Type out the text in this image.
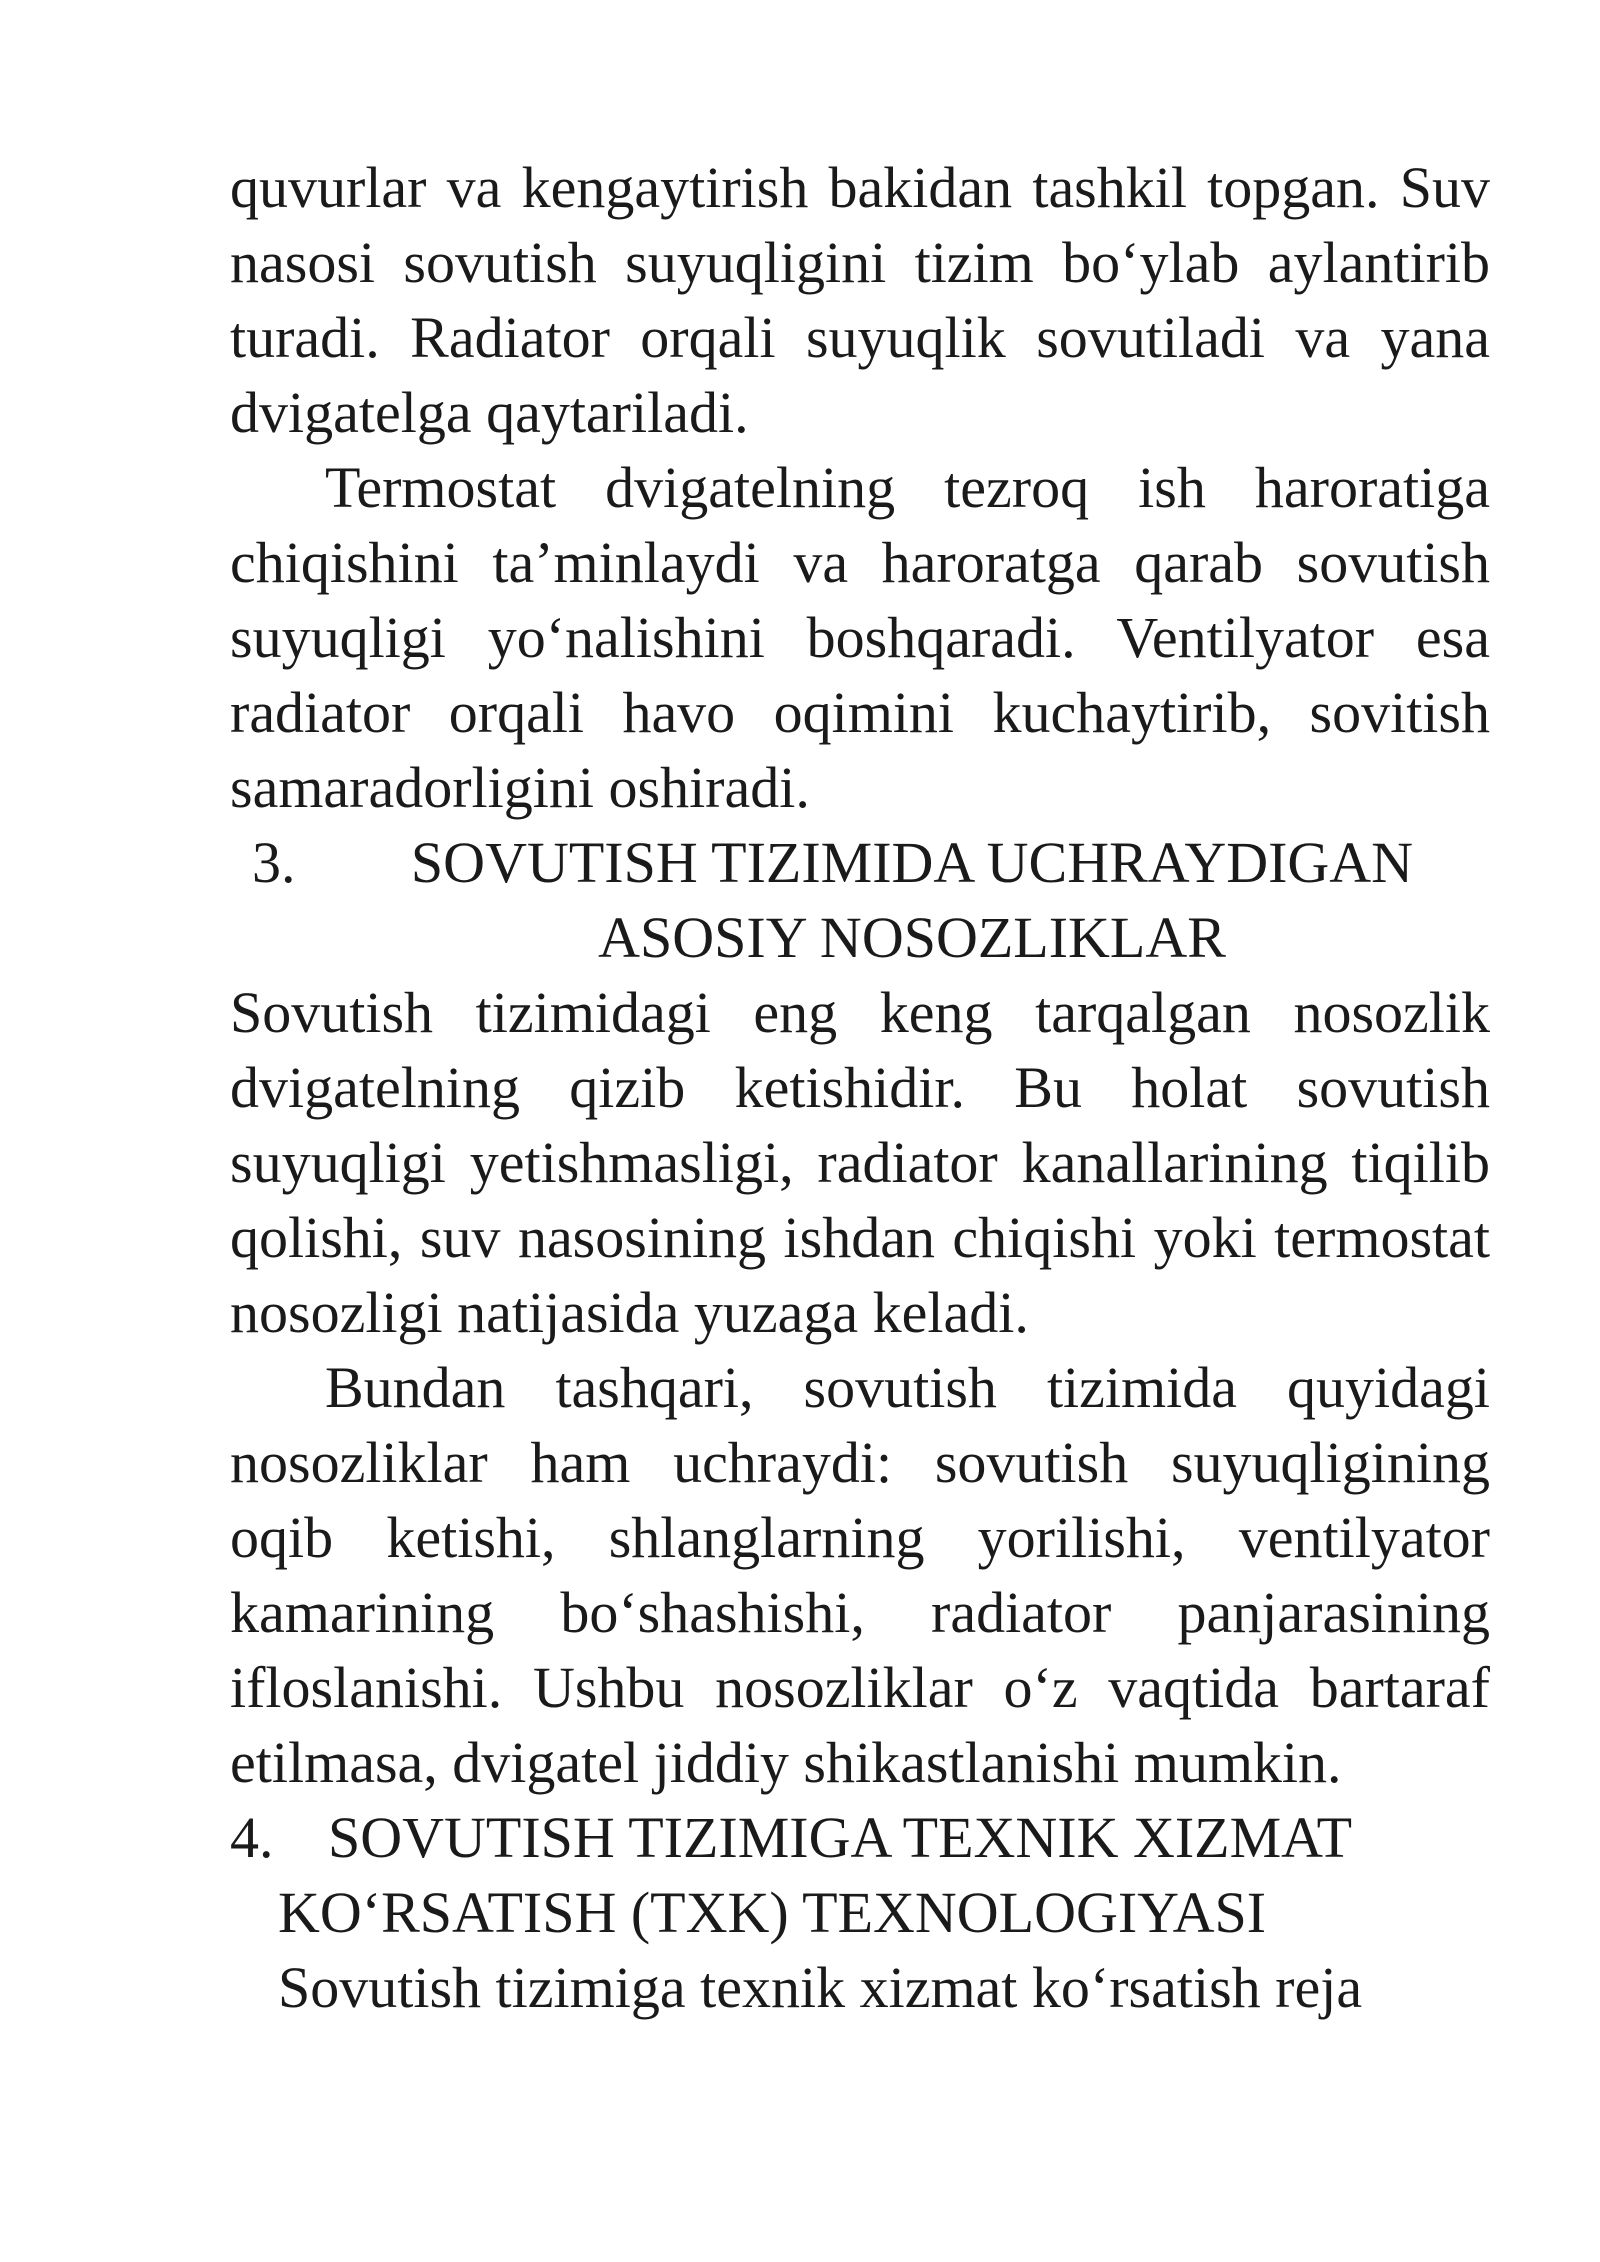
quvurlar va kengaytirish bakidan tashkil topgan. Suv nasosi sovutish suyuqligini tizim bo‘ylab aylantirib turadi. Radiator orqali suyuqlik sovutiladi va yana dvigatelga qaytariladi.

Termostat dvigatelning tezroq ish haroratiga chiqishini ta’minlaydi va haroratga qarab sovutish suyuqligi yo‘nalishini boshqaradi. Ventilyator esa radiator orqali havo oqimini kuchaytirib, sovitish samaradorligini oshiradi.

3.	SOVUTISH TIZIMIDA UCHRAYDIGAN ASOSIY NOSOZLIKLAR

Sovutish tizimidagi eng keng tarqalgan nosozlik dvigatelning qizib ketishidir. Bu holat sovutish suyuqligi yetishmasligi, radiator kanallarining tiqilib qolishi, suv nasosining ishdan chiqishi yoki termostat nosozligi natijasida yuzaga keladi.

Bundan tashqari, sovutish tizimida quyidagi nosozliklar ham uchraydi: sovutish suyuqligining oqib ketishi, shlanglarning yorilishi, ventilyator kamarining bo‘shashishi, radiator panjarasining ifloslanishi. Ushbu nosozliklar o‘z vaqtida bartaraf etilmasa, dvigatel jiddiy shikastlanishi mumkin.

4. SOVUTISH TIZIMIGA TEXNIK XIZMAT
KO‘RSATISH (TXK) TEXNOLOGIYASI

Sovutish tizimiga texnik xizmat ko‘rsatish reja
